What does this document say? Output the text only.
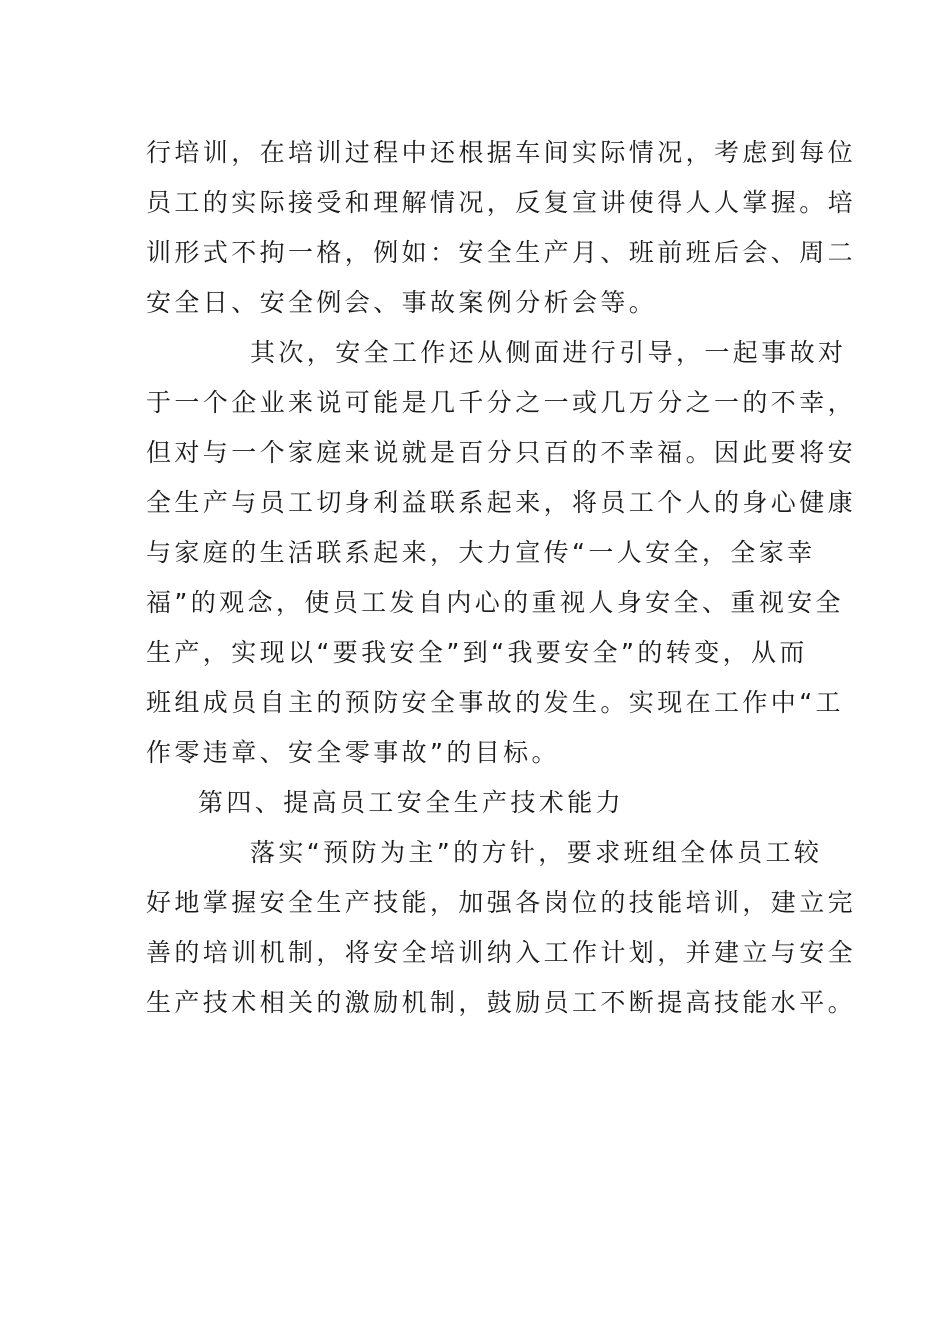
行培训，在培训过程中还根据车间实际情况，考虑到每位
员工的实际接受和理解情况，反复宣讲使得人人掌握。培
训形式不拘一格，例如：安全生产月、班前班后会、周二
安全日、安全例会、事故案例分析会等。
其次，安全工作还从侧面进行引导，一起事故对
于一个企业来说可能是几千分之一或几万分之一的不幸，
但对与一个家庭来说就是百分只百的不幸福。因此要将安
全生产与员工切身利益联系起来，将员工个人的身心健康
与家庭的生活联系起来，大力宣传“一人安全，全家幸
福”的观念，使员工发自内心的重视人身安全、重视安全
生产，实现以“要我安全”到“我要安全”的转变，从而
班组成员自主的预防安全事故的发生。实现在工作中“工
作零违章、安全零事故”的目标。
第四、提高员工安全生产技术能力
落实“预防为主”的方针，要求班组全体员工较
好地掌握安全生产技能，加强各岗位的技能培训，建立完
善的培训机制，将安全培训纳入工作计划，并建立与安全
生产技术相关的激励机制，鼓励员工不断提高技能水平。
